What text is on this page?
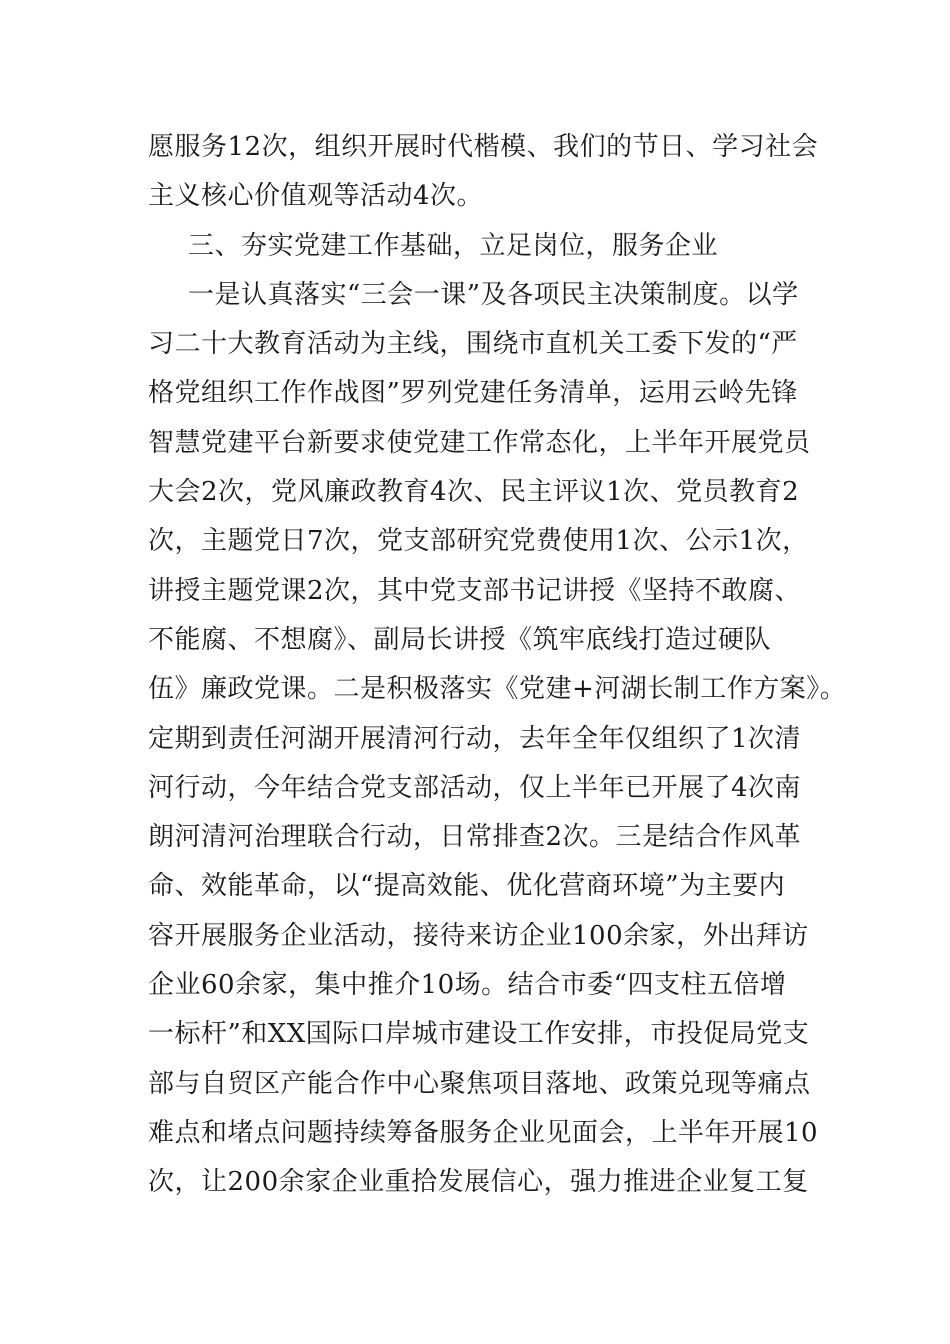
愿服务12次，组织开展时代楷模、我们的节日、学习社会
主义核心价值观等活动4次。
三、夯实党建工作基础，立足岗位，服务企业
一是认真落实“三会一课”及各项民主决策制度。以学
习二十大教育活动为主线，围绕市直机关工委下发的“严
格党组织工作作战图”罗列党建任务清单，运用云岭先锋
智慧党建平台新要求使党建工作常态化，上半年开展党员
大会2次，党风廉政教育4次、民主评议1次、党员教育2
次，主题党日7次，党支部研究党费使用1次、公示1次，
讲授主题党课2次，其中党支部书记讲授《坚持不敢腐、
不能腐、不想腐》、副局长讲授《筑牢底线打造过硬队
伍》廉政党课。二是积极落实《党建+河湖长制工作方案》。
定期到责任河湖开展清河行动，去年全年仅组织了1次清
河行动，今年结合党支部活动，仅上半年已开展了4次南
朗河清河治理联合行动，日常排查2次。三是结合作风革
命、效能革命，以“提高效能、优化营商环境”为主要内
容开展服务企业活动，接待来访企业100余家，外出拜访
企业60余家，集中推介10场。结合市委“四支柱五倍增
一标杆”和XX国际口岸城市建设工作安排，市投促局党支
部与自贸区产能合作中心聚焦项目落地、政策兑现等痛点
难点和堵点问题持续筹备服务企业见面会，上半年开展10
次，让200余家企业重拾发展信心，强力推进企业复工复
